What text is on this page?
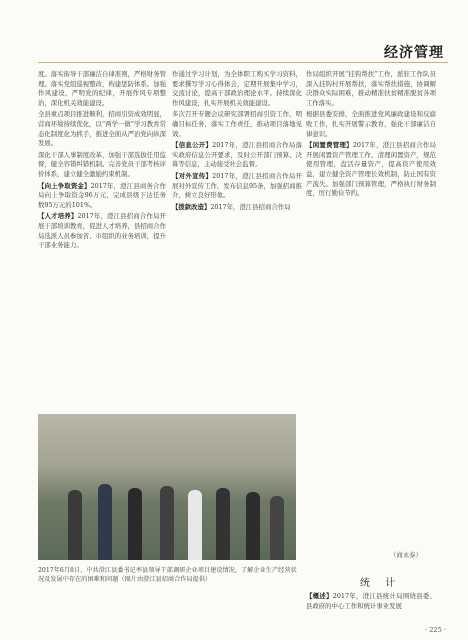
经济管理

度。落实街导干部廉洁自律准则，严格财务管理。落实党组巡视整改，构建惩防体系。加强作风建设，严明党的纪律，开展作风专项整治，深化机关效能建设。

全县重点项目推进顺利，招商引资成效明显，营商环境持续优化，以“两学一做”学习教育常态化制度化为抓手，推进全面从严治党向纵深发展。

深化干部人事制度改革，加强干部选拔任用监督，健全容错纠错机制。完善党员干部考核评价体系，建立健全激励约束机制。

【向上争取资金】2017年，澄江县商务合作局向上争取资金96万元，完成县级下达任务数95万元的101%。

【人才培养】2017年，澄江县招商合作局开展干部培训教育，促进人才培养，县招商合作局选派人员参加省、市组织的业务培训，提升干部业务能力。

作通过学习计划，为全体职工购买学习资料，要求撰写学习心得体会，定期开展集中学习，交流讨论，提高干部政治理论水平。持续深化作风建设，扎实开展机关效能建设。

多次召开专题会议研究部署招商引资工作，明确目标任务，落实工作责任，推动项目落地见效。

【信息公开】2017年，澄江县招商合作局落实政府信息公开要求，及时公开部门预算、决算等信息，主动接受社会监督。

【对外宣传】2017年，澄江县招商合作局开展对外宣传工作，发布信息95条，加强招商推介，树立良好形象。

【拨款改造】2017年，澄江县招商合作局

作局组织开展“挂钩帮扶”工作，派驻工作队员深入挂钩村开展帮扶，落实帮扶措施，协调解决群众实际困难，推动精准扶贫精准脱贫各项工作落实。

根据县委安排，全面推进党风廉政建设和反腐败工作，扎实开展警示教育，强化干部廉洁自律意识。

【闲置费管理】2017年，澄江县招商合作局开展闲置资产管理工作，清理闲置资产，规范使用管理，盘活存量资产，提高资产使用效益，建立健全资产管理长效机制，防止国有资产流失。加强部门预算管理，严格执行财务制度，厉行勤俭节约。

2017年6月8日，中共澄江县委书记率县领导干部调研企业项目建设情况，了解企业生产经营状况及发展中存在的困难和问题（图片由澄江县招商合作局提供）
（商永泰）
统 计
【概述】2017年，澄江县统计局围绕县委、县政府的中心工作和统计事业发展
· 225 ·
